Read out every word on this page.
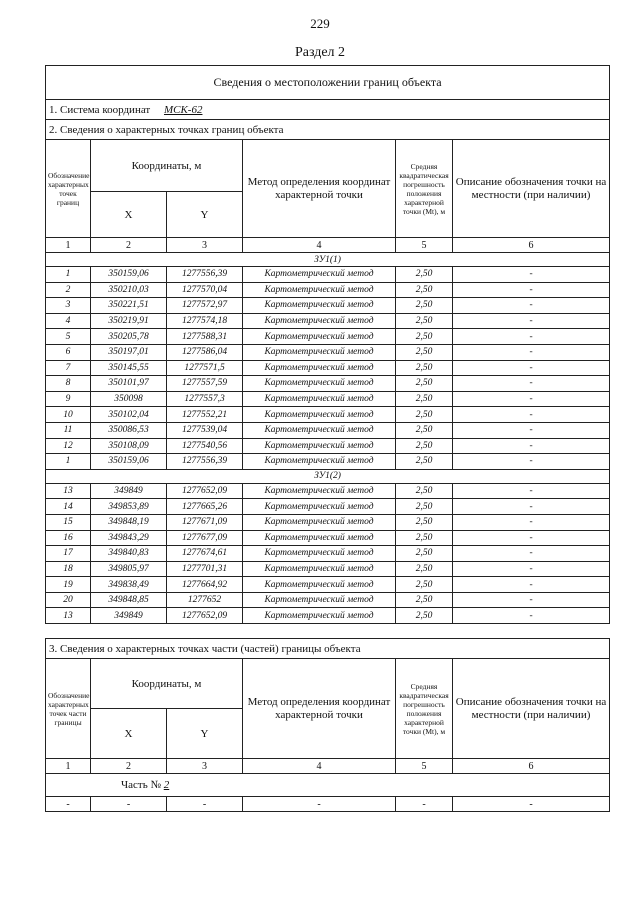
229
Раздел 2
Сведения о местоположении границ объекта					
1. Система координат МСК-62					
2. Сведения о характерных точках границ объекта					
Обозначение характерных точек границ	Координаты, м		Метод определения координат характерной точки	Средняя квадратическая погрешность положения характерной точки (Mt), м	Описание обозначения точки на местности (при наличии)
	X	Y			
1	2	3	4	5	6
ЗУ1(1)					
1	350159,06	1277556,39	Картометрический метод	2,50	-
2	350210,03	1277570,04	Картометрический метод	2,50	-
3	350221,51	1277572,97	Картометрический метод	2,50	-
4	350219,91	1277574,18	Картометрический метод	2,50	-
5	350205,78	1277588,31	Картометрический метод	2,50	-
6	350197,01	1277586,04	Картометрический метод	2,50	-
7	350145,55	1277571,5	Картометрический метод	2,50	-
8	350101,97	1277557,59	Картометрический метод	2,50	-
9	350098	1277557,3	Картометрический метод	2,50	-
10	350102,04	1277552,21	Картометрический метод	2,50	-
11	350086,53	1277539,04	Картометрический метод	2,50	-
12	350108,09	1277540,56	Картометрический метод	2,50	-
1	350159,06	1277556,39	Картометрический метод	2,50	-
ЗУ1(2)					
13	349849	1277652,09	Картометрический метод	2,50	-
14	349853,89	1277665,26	Картометрический метод	2,50	-
15	349848,19	1277671,09	Картометрический метод	2,50	-
16	349843,29	1277677,09	Картометрический метод	2,50	-
17	349840,83	1277674,61	Картометрический метод	2,50	-
18	349805,97	1277701,31	Картометрический метод	2,50	-
19	349838,49	1277664,92	Картометрический метод	2,50	-
20	349848,85	1277652	Картометрический метод	2,50	-
13	349849	1277652,09	Картометрический метод	2,50	-
3. Сведения о характерных точках части (частей) границы объекта					
Обозначение характерных точек части границы	Координаты, м		Метод определения координат характерной точки	Средняя квадратическая погрешность положения характерной точки (Mt), м	Описание обозначения точки на местности (при наличии)
	X	Y			
1	2	3	4	5	6
Часть № 2					
-	-	-	-	-	-
